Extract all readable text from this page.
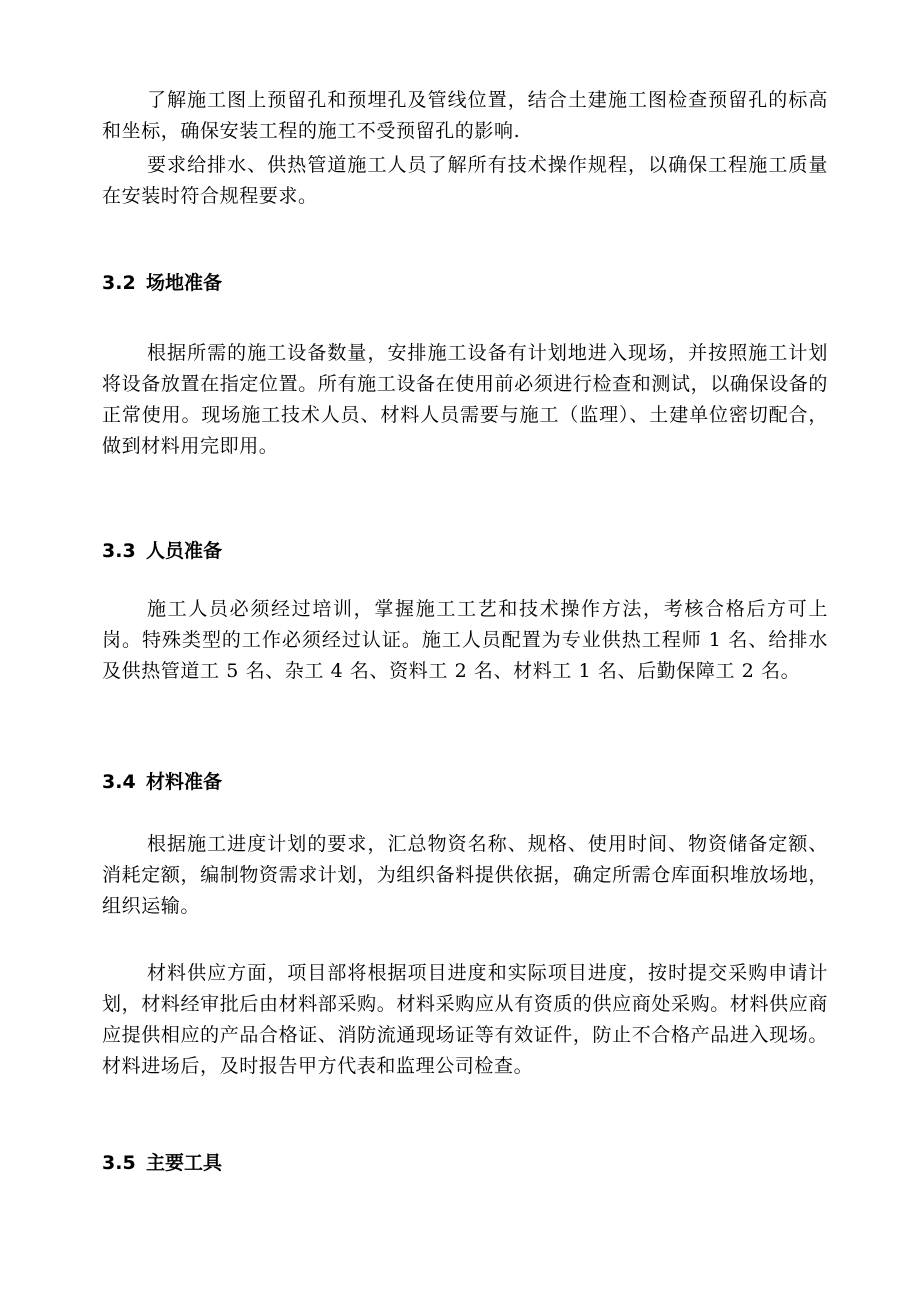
了解施工图上预留孔和预埋孔及管线位置，结合土建施工图检查预留孔的标高和坐标，确保安装工程的施工不受预留孔的影响.

要求给排水、供热管道施工人员了解所有技术操作规程，以确保工程施工质量在安装时符合规程要求。

3.2 场地准备

根据所需的施工设备数量，安排施工设备有计划地进入现场，并按照施工计划将设备放置在指定位置。所有施工设备在使用前必须进行检查和测试，以确保设备的正常使用。现场施工技术人员、材料人员需要与施工（监理）、土建单位密切配合，做到材料用完即用。

3.3 人员准备

施工人员必须经过培训，掌握施工工艺和技术操作方法，考核合格后方可上岗。特殊类型的工作必须经过认证。施工人员配置为专业供热工程师 1 名、给排水及供热管道工 5 名、杂工 4 名、资料工 2 名、材料工 1 名、后勤保障工 2 名。

3.4 材料准备

根据施工进度计划的要求，汇总物资名称、规格、使用时间、物资储备定额、消耗定额，编制物资需求计划，为组织备料提供依据，确定所需仓库面积堆放场地，组织运输。

材料供应方面，项目部将根据项目进度和实际项目进度，按时提交采购申请计划，材料经审批后由材料部采购。材料采购应从有资质的供应商处采购。材料供应商应提供相应的产品合格证、消防流通现场证等有效证件，防止不合格产品进入现场。材料进场后，及时报告甲方代表和监理公司检查。

3.5 主要工具
